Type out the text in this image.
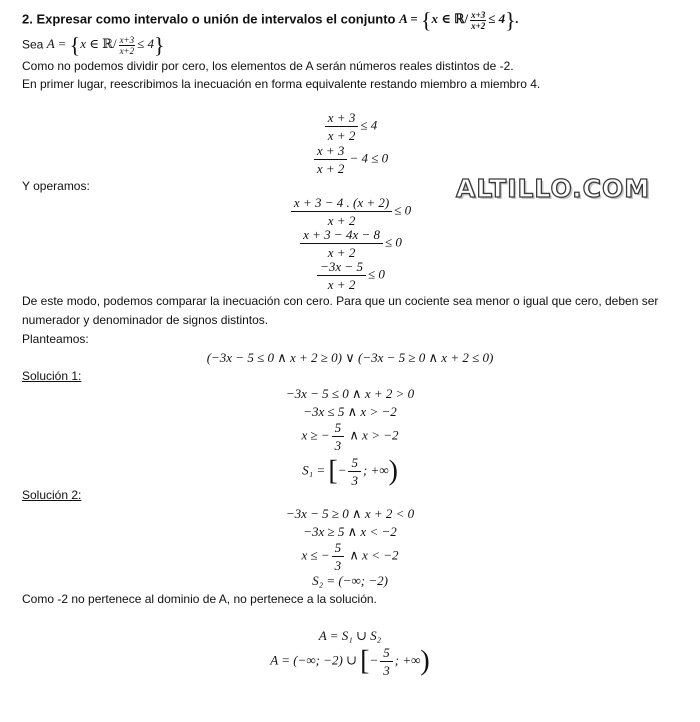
2. Expresar como intervalo o unión de intervalos el conjunto A = {x ∈ ℝ/ $\frac{x+3}{x+2} \le 4$}.
Sea A = {x ∈ ℝ/ $\frac{x+3}{x+2} \le 4$}
Como no podemos dividir por cero, los elementos de A serán números reales distintos de -2.
En primer lugar, reescribimos la inecuación en forma equivalente restando miembro a miembro 4.
$\frac{x + 3}{x + 2} \le 4$
$\frac{x + 3}{x + 2} - 4 \le 0$
Y operamos:	ALTILLO.COM
$\frac{x + 3 - 4 . (x + 2)}{x + 2} \le 0$
$\frac{x + 3 - 4x - 8}{x + 2} \le 0$
$\frac{-3x - 5}{x + 2} \le 0$
De este modo, podemos comparar la inecuación con cero. Para que un cociente sea menor o igual que cero, deben ser
numerador y denominador de signos distintos.
Planteamos:
(−3x − 5 ≤ 0 ∧ x + 2 ≥ 0) ∨ (−3x − 5 ≥ 0 ∧ x + 2 ≤ 0)
Solución 1:
−3x − 5 ≤ 0 ∧ x + 2 > 0
−3x ≤ 5 ∧ x > −2
x ≥ − $\frac{5}{3}$ ∧ x > −2
S₁ = [− $\frac{5}{3}$ ; +∞)
Solución 2:
−3x − 5 ≥ 0 ∧ x + 2 < 0
−3x ≥ 5 ∧ x < −2
x ≤ − $\frac{5}{3}$ ∧ x < −2
S₂ = (−∞; −2)
Como -2 no pertenece al dominio de A, no pertenece a la solución.
A = S₁ ∪ S₂
A = (−∞; −2) ∪ [− $\frac{5}{3}$ ; +∞)
